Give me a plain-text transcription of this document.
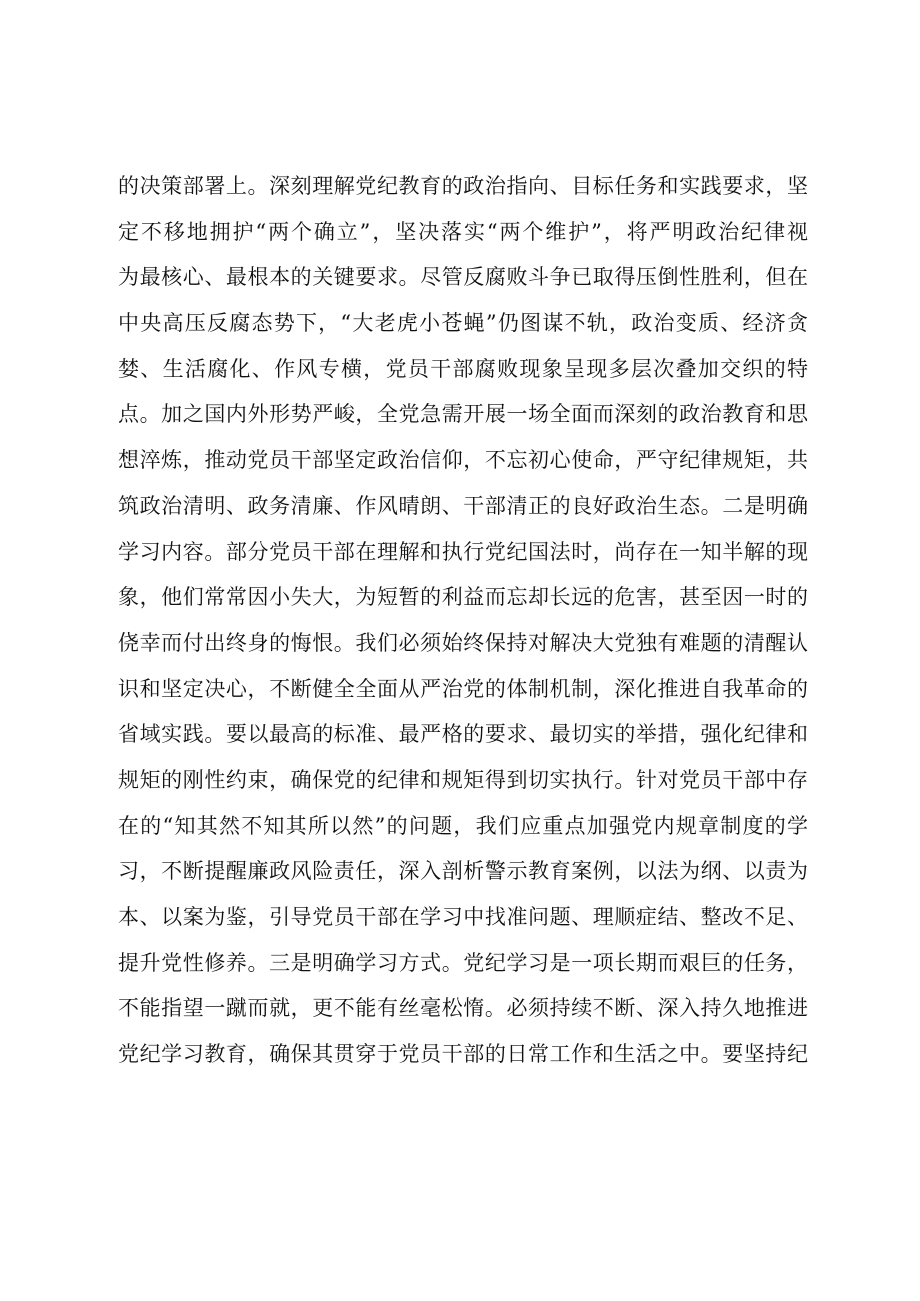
的决策部署上。深刻理解党纪教育的政治指向、目标任务和实践要求，坚
定不移地拥护“两个确立”，坚决落实“两个维护”，将严明政治纪律视
为最核心、最根本的关键要求。尽管反腐败斗争已取得压倒性胜利，但在
中央高压反腐态势下，“大老虎小苍蝇”仍图谋不轨，政治变质、经济贪
婪、生活腐化、作风专横，党员干部腐败现象呈现多层次叠加交织的特
点。加之国内外形势严峻，全党急需开展一场全面而深刻的政治教育和思
想淬炼，推动党员干部坚定政治信仰，不忘初心使命，严守纪律规矩，共
筑政治清明、政务清廉、作风晴朗、干部清正的良好政治生态。二是明确
学习内容。部分党员干部在理解和执行党纪国法时，尚存在一知半解的现
象，他们常常因小失大，为短暂的利益而忘却长远的危害，甚至因一时的
侥幸而付出终身的悔恨。我们必须始终保持对解决大党独有难题的清醒认
识和坚定决心，不断健全全面从严治党的体制机制，深化推进自我革命的
省域实践。要以最高的标准、最严格的要求、最切实的举措，强化纪律和
规矩的刚性约束，确保党的纪律和规矩得到切实执行。针对党员干部中存
在的“知其然不知其所以然”的问题，我们应重点加强党内规章制度的学
习，不断提醒廉政风险责任，深入剖析警示教育案例，以法为纲、以责为
本、以案为鉴，引导党员干部在学习中找准问题、理顺症结、整改不足、
提升党性修养。三是明确学习方式。党纪学习是一项长期而艰巨的任务，
不能指望一蹴而就，更不能有丝毫松惰。必须持续不断、深入持久地推进
党纪学习教育，确保其贯穿于党员干部的日常工作和生活之中。要坚持纪
